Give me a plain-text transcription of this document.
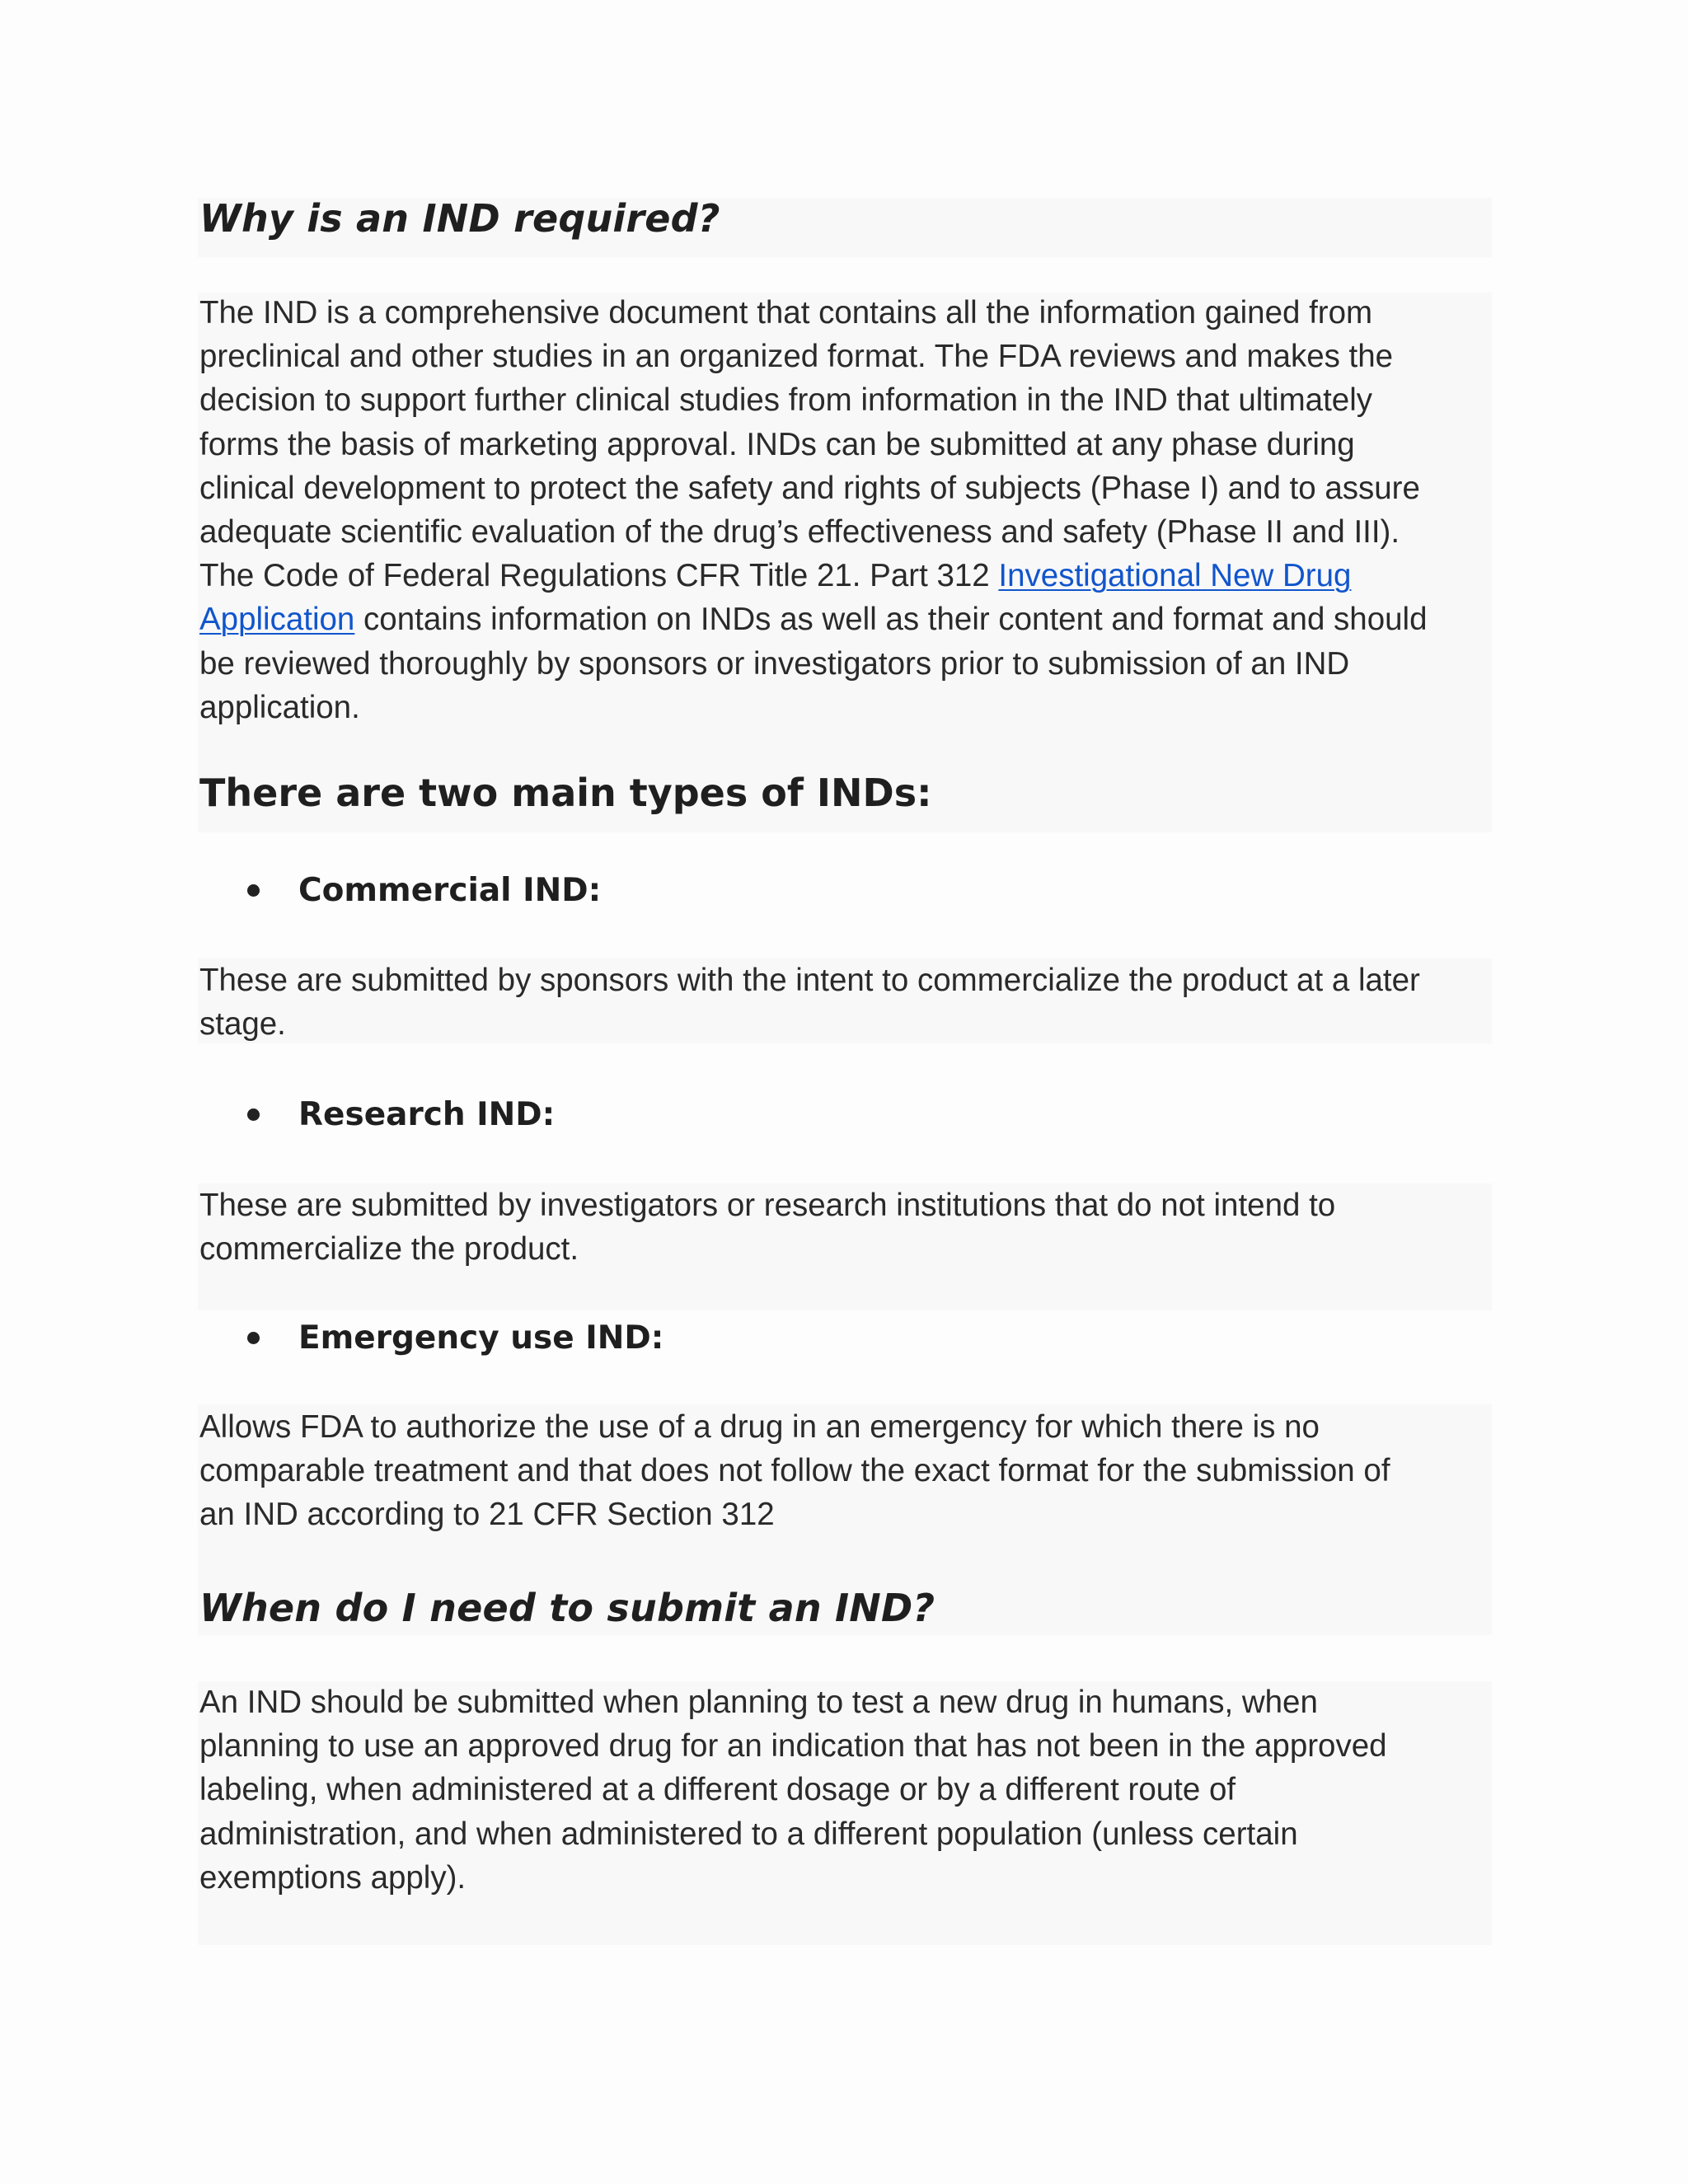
Why is an IND required?
The IND is a comprehensive document that contains all the information gained from
preclinical and other studies in an organized format. The FDA reviews and makes the
decision to support further clinical studies from information in the IND that ultimately
forms the basis of marketing approval. INDs can be submitted at any phase during
clinical development to protect the safety and rights of subjects (Phase I) and to assure
adequate scientific evaluation of the drug’s effectiveness and safety (Phase II and III).
The Code of Federal Regulations CFR Title 21. Part 312 Investigational New Drug
Application contains information on INDs as well as their content and format and should
be reviewed thoroughly by sponsors or investigators prior to submission of an IND
application.
There are two main types of INDs:
Commercial IND:
These are submitted by sponsors with the intent to commercialize the product at a later
stage.
Research IND:
These are submitted by investigators or research institutions that do not intend to
commercialize the product.
Emergency use IND:
Allows FDA to authorize the use of a drug in an emergency for which there is no
comparable treatment and that does not follow the exact format for the submission of
an IND according to 21 CFR Section 312
When do I need to submit an IND?
An IND should be submitted when planning to test a new drug in humans, when
planning to use an approved drug for an indication that has not been in the approved
labeling, when administered at a different dosage or by a different route of
administration, and when administered to a different population (unless certain
exemptions apply).
